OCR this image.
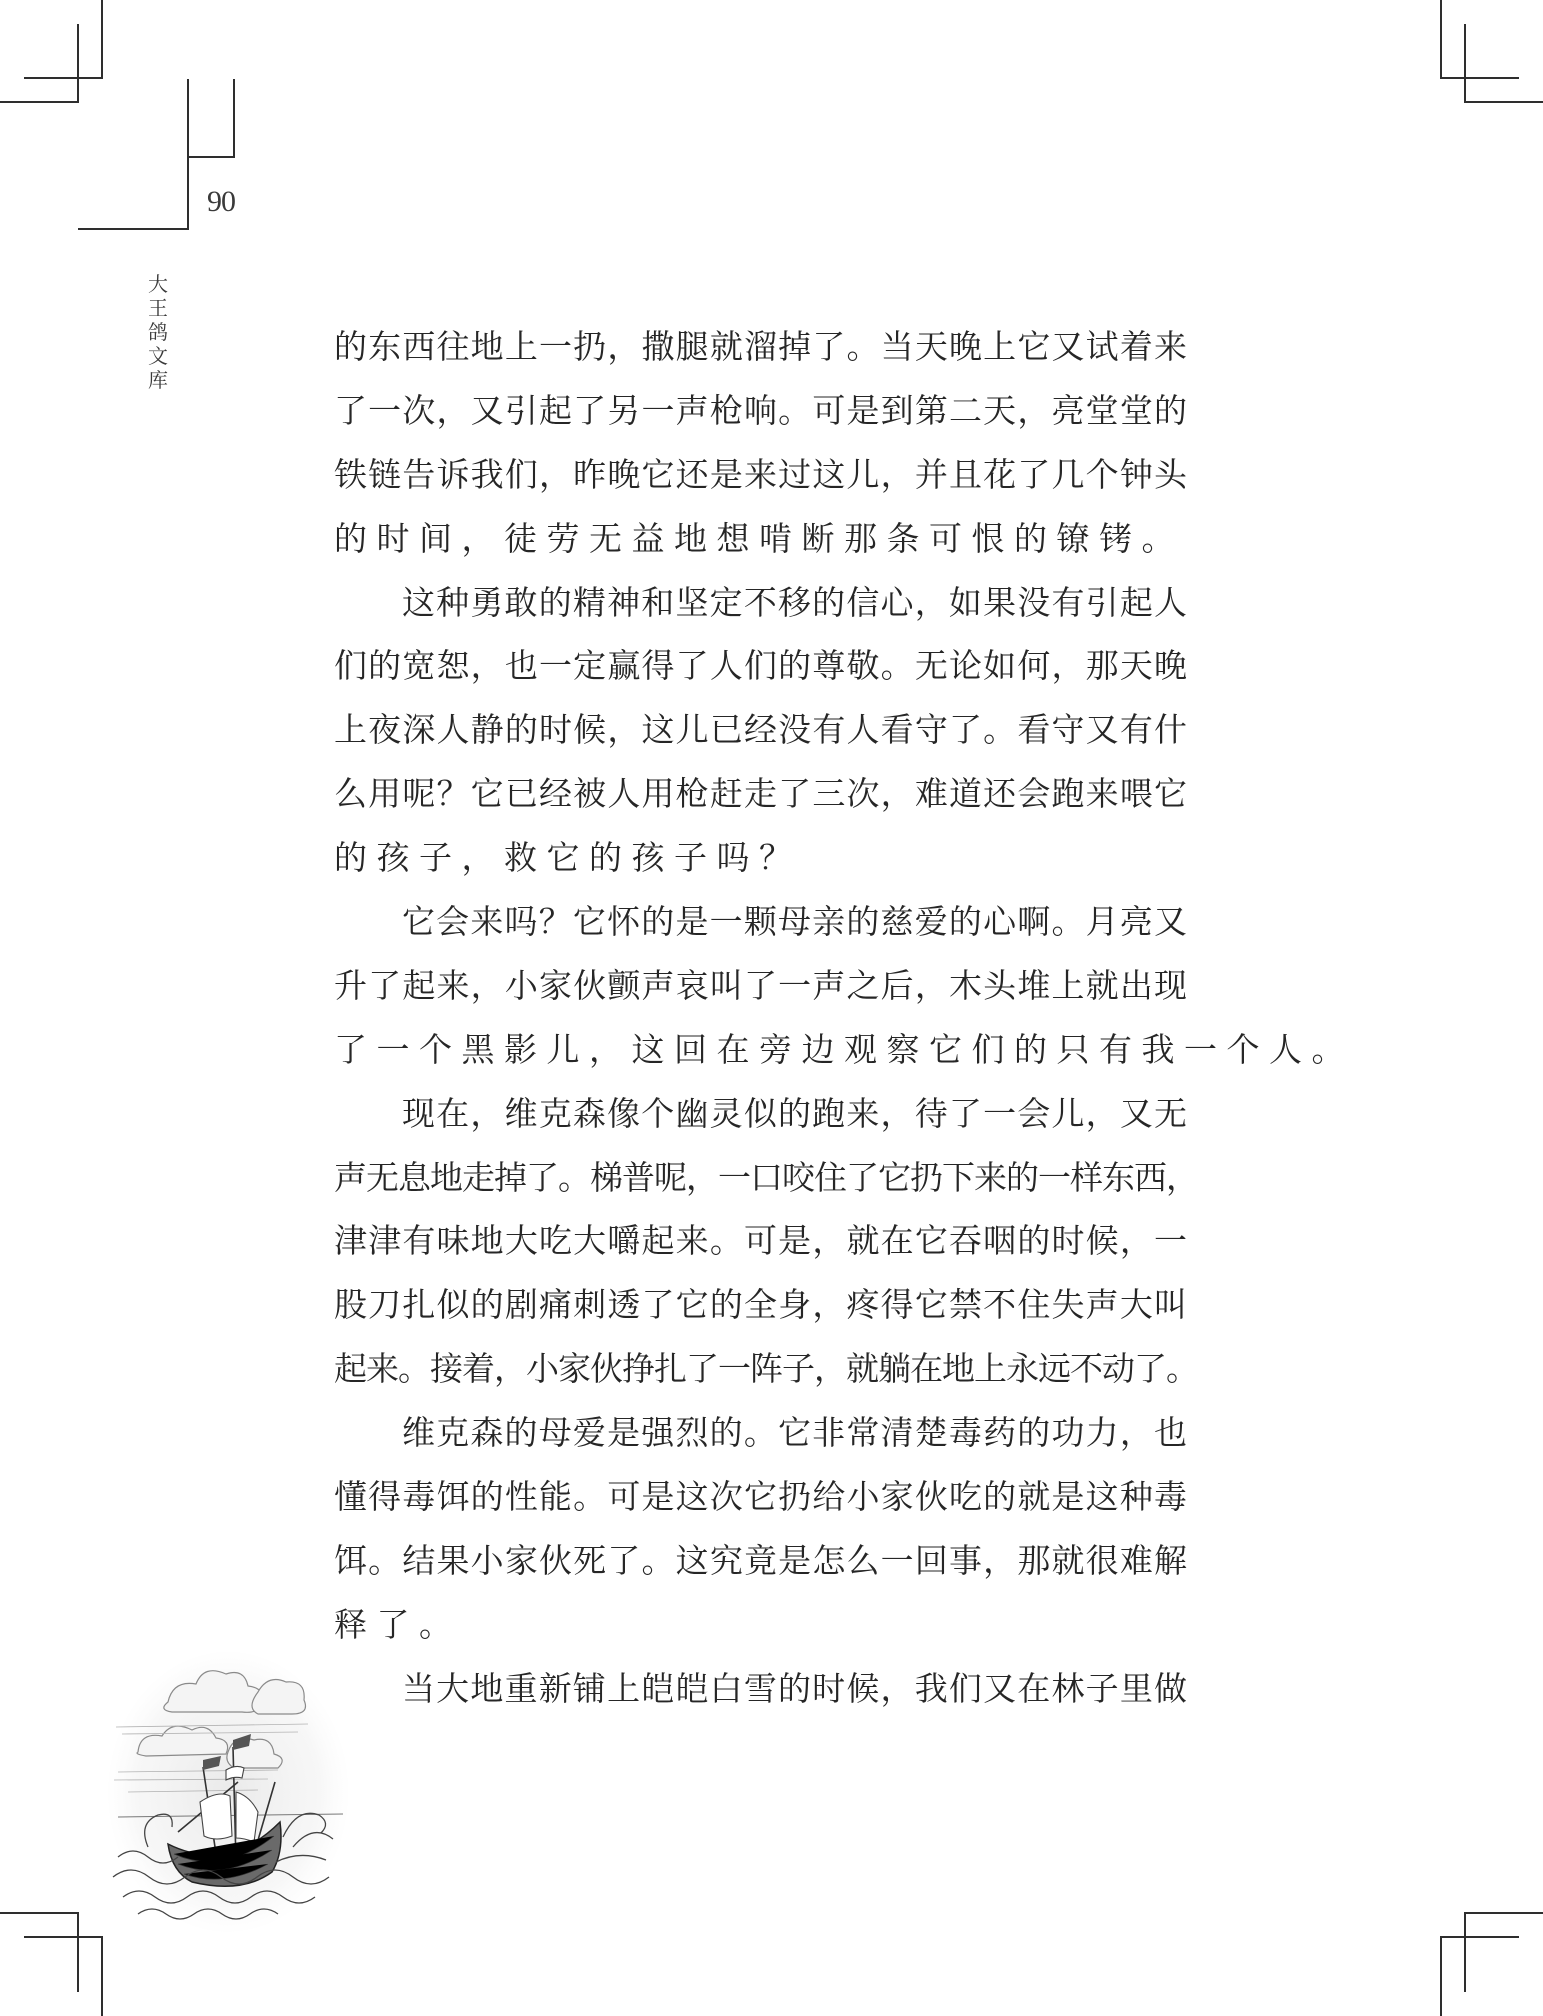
90
大
王
鸽
文
库
的东西往地上一扔，撒腿就溜掉了。当天晚上它又试着来
了一次，又引起了另一声枪响。可是到第二天，亮堂堂的
铁链告诉我们，昨晚它还是来过这儿，并且花了几个钟头
的时间，徒劳无益地想啃断那条可恨的镣铐。
这种勇敢的精神和坚定不移的信心，如果没有引起人
们的宽恕，也一定赢得了人们的尊敬。无论如何，那天晚
上夜深人静的时候，这儿已经没有人看守了。看守又有什
么用呢？它已经被人用枪赶走了三次，难道还会跑来喂它
的孩子，救它的孩子吗？
它会来吗？它怀的是一颗母亲的慈爱的心啊。月亮又
升了起来，小家伙颤声哀叫了一声之后，木头堆上就出现
了一个黑影儿，这回在旁边观察它们的只有我一个人。
现在，维克森像个幽灵似的跑来，待了一会儿，又无
声无息地走掉了。梯普呢，一口咬住了它扔下来的一样东西，
津津有味地大吃大嚼起来。可是，就在它吞咽的时候，一
股刀扎似的剧痛刺透了它的全身，疼得它禁不住失声大叫
起来。接着，小家伙挣扎了一阵子，就躺在地上永远不动了。
维克森的母爱是强烈的。它非常清楚毒药的功力，也
懂得毒饵的性能。可是这次它扔给小家伙吃的就是这种毒
饵。结果小家伙死了。这究竟是怎么一回事，那就很难解
释了。
当大地重新铺上皑皑白雪的时候，我们又在林子里做
